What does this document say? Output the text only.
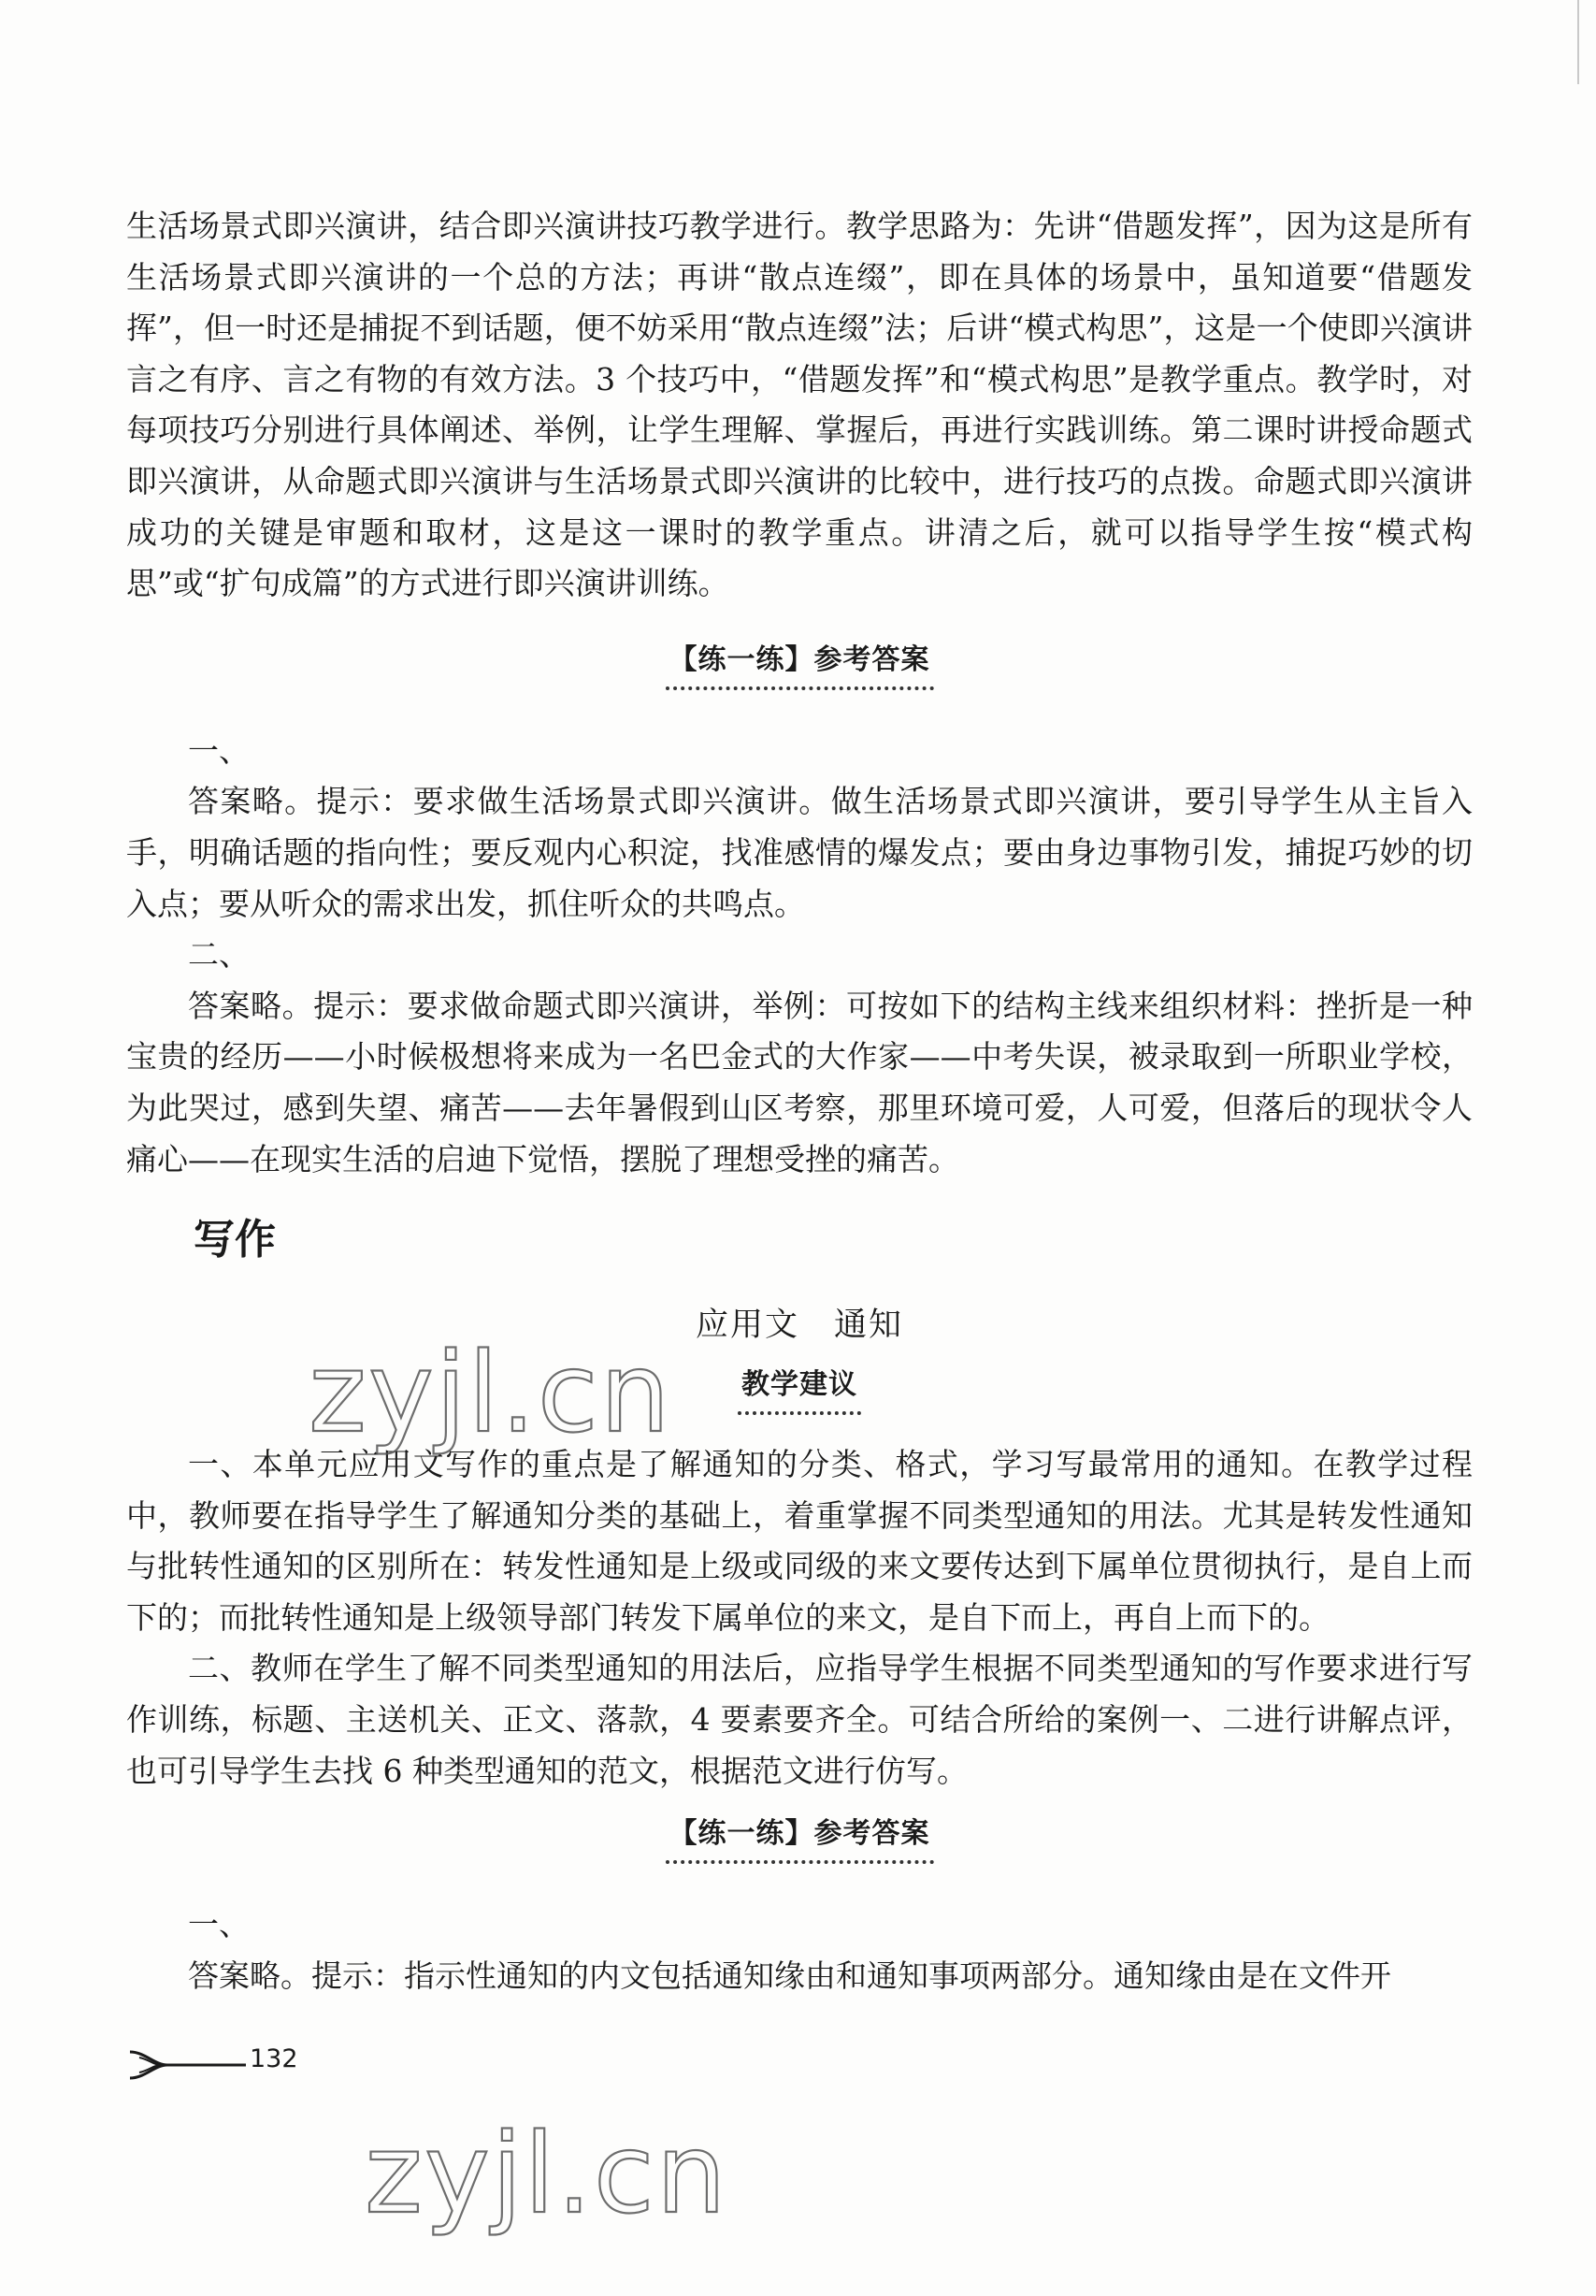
生活场景式即兴演讲，结合即兴演讲技巧教学进行。教学思路为：先讲“借题发挥”，因为这是所有生活场景式即兴演讲的一个总的方法；再讲“散点连缀”，即在具体的场景中，虽知道要“借题发挥”，但一时还是捕捉不到话题，便不妨采用“散点连缀”法；后讲“模式构思”，这是一个使即兴演讲言之有序、言之有物的有效方法。3 个技巧中，“借题发挥”和“模式构思”是教学重点。教学时，对每项技巧分别进行具体阐述、举例，让学生理解、掌握后，再进行实践训练。第二课时讲授命题式即兴演讲，从命题式即兴演讲与生活场景式即兴演讲的比较中，进行技巧的点拨。命题式即兴演讲成功的关键是审题和取材，这是这一课时的教学重点。讲清之后，就可以指导学生按“模式构思”或“扩句成篇”的方式进行即兴演讲训练。

【练一练】参考答案

一、

答案略。提示：要求做生活场景式即兴演讲。做生活场景式即兴演讲，要引导学生从主旨入手，明确话题的指向性；要反观内心积淀，找准感情的爆发点；要由身边事物引发，捕捉巧妙的切入点；要从听众的需求出发，抓住听众的共鸣点。

二、

答案略。提示：要求做命题式即兴演讲，举例：可按如下的结构主线来组织材料：挫折是一种宝贵的经历——小时候极想将来成为一名巴金式的大作家——中考失误，被录取到一所职业学校，为此哭过，感到失望、痛苦——去年暑假到山区考察，那里环境可爱，人可爱，但落后的现状令人痛心——在现实生活的启迪下觉悟，摆脱了理想受挫的痛苦。

写作

应用文　通知

教学建议

一、本单元应用文写作的重点是了解通知的分类、格式，学习写最常用的通知。在教学过程中，教师要在指导学生了解通知分类的基础上，着重掌握不同类型通知的用法。尤其是转发性通知与批转性通知的区别所在：转发性通知是上级或同级的来文要传达到下属单位贯彻执行，是自上而下的；而批转性通知是上级领导部门转发下属单位的来文，是自下而上，再自上而下的。

二、教师在学生了解不同类型通知的用法后，应指导学生根据不同类型通知的写作要求进行写作训练，标题、主送机关、正文、落款，4 要素要齐全。可结合所给的案例一、二进行讲解点评，也可引导学生去找 6 种类型通知的范文，根据范文进行仿写。

【练一练】参考答案

一、

答案略。提示：指示性通知的内文包括通知缘由和通知事项两部分。通知缘由是在文件开

zyjl.cn
zyjl.cn
132
